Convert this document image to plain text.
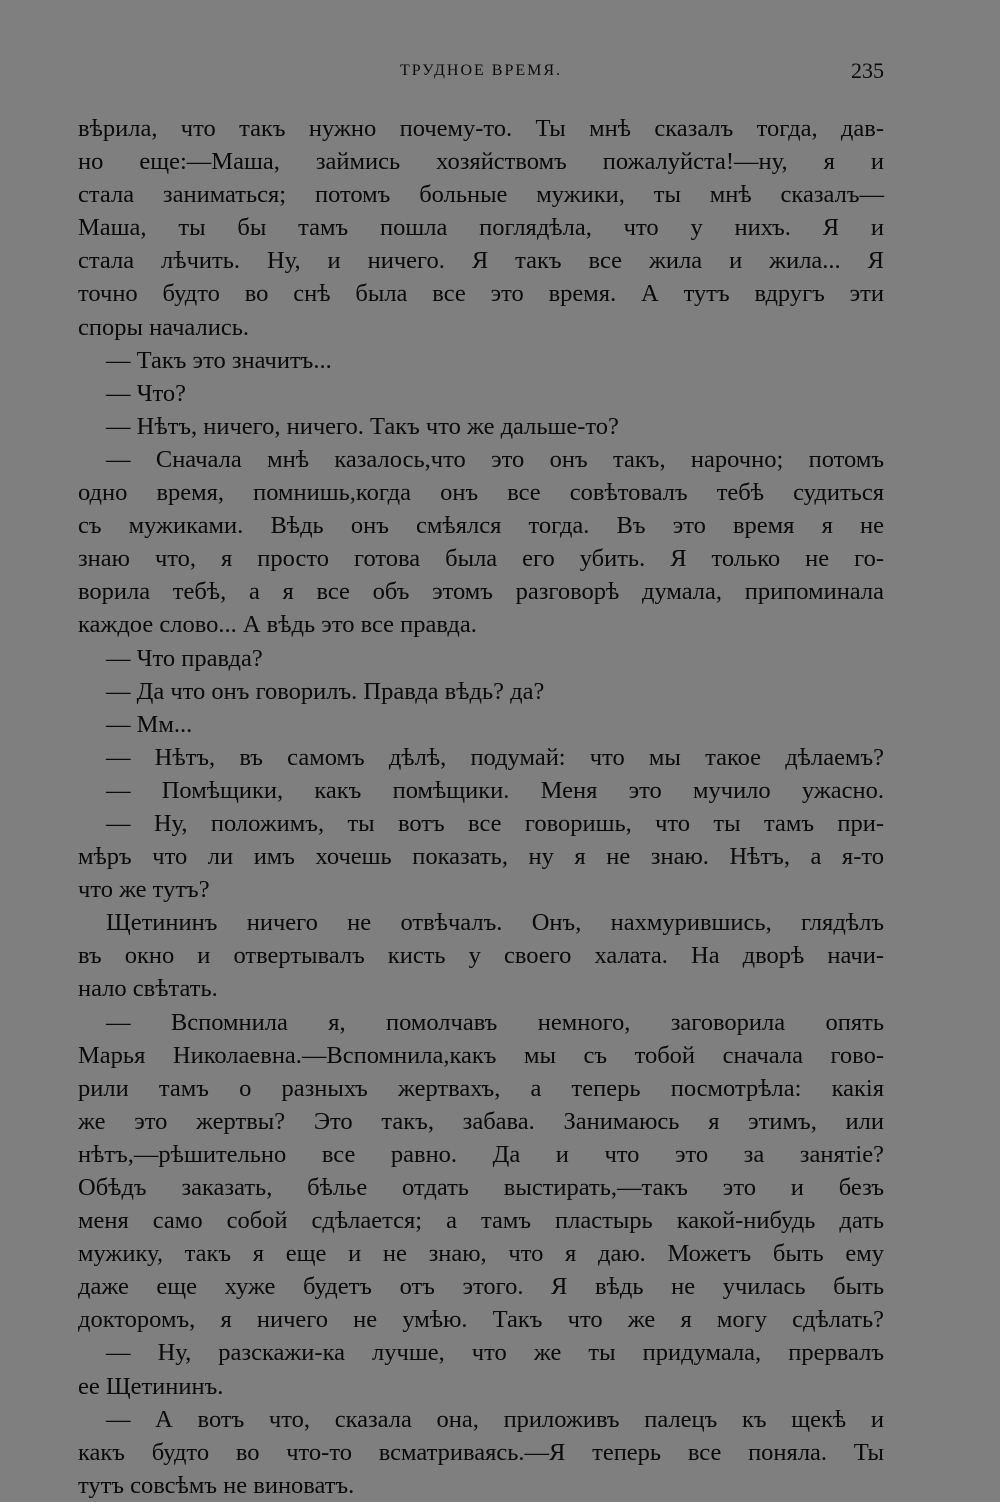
ТРУДНОЕ ВРЕМЯ.	235
вѣрила, что такъ нужно почему-то. Ты мнѣ сказалъ тогда, дав-
но еще:—Маша, займись хозяйствомъ пожалуйста!—ну, я и
стала заниматься; потомъ больные мужики, ты мнѣ сказалъ—
Маша, ты бы тамъ пошла поглядѣла, что у нихъ. Я и
стала лѣчить. Ну, и ничего. Я такъ все жила и жила... Я
точно будто во снѣ была все это время. А тутъ вдругъ эти
споры начались.
— Такъ это значитъ...
— Что?
— Нѣтъ, ничего, ничего. Такъ что же дальше-то?
— Сначала мнѣ казалось,что это онъ такъ, нарочно; потомъ
одно время, помнишь,когда онъ все совѣтовалъ тебѣ судиться
съ мужиками. Вѣдь онъ смѣялся тогда. Въ это время я не
знаю что, я просто готова была его убить. Я только не го-
ворила тебѣ, а я все объ этомъ разговорѣ думала, припоминала
каждое слово... А вѣдь это все правда.
— Что правда?
— Да что онъ говорилъ. Правда вѣдь? да?
— Мм...
— Нѣтъ, въ самомъ дѣлѣ, подумай: что мы такое дѣлаемъ?
— Помѣщики, какъ помѣщики. Меня это мучило ужасно.
— Ну, положимъ, ты вотъ все говоришь, что ты тамъ при-
мѣръ что ли имъ хочешь показать, ну я не знаю. Нѣтъ, а я-то
что же тутъ?
Щетининъ ничего не отвѣчалъ. Онъ, нахмурившись, глядѣлъ
въ окно и отвертывалъ кисть у своего халата. На дворѣ начи-
нало свѣтать.
— Вспомнила я, помолчавъ немного, заговорила опять
Марья Николаевна.—Вспомнила,какъ мы съ тобой сначала гово-
рили тамъ о разныхъ жертвахъ, а теперь посмотрѣла: какія
же это жертвы? Это такъ, забава. Занимаюсь я этимъ, или
нѣтъ,—рѣшительно все равно. Да и что это за занятіе?
Обѣдъ заказать, бѣлье отдать выстирать,—такъ это и безъ
меня само собой сдѣлается; а тамъ пластырь какой-нибудь дать
мужику, такъ я еще и не знаю, что я даю. Можетъ быть ему
даже еще хуже будетъ отъ этого. Я вѣдь не училась быть
докторомъ, я ничего не умѣю. Такъ что же я могу сдѣлать?
— Ну, разскажи-ка лучше, что же ты придумала, прервалъ
ее Щетининъ.
— А вотъ что, сказала она, приложивъ палецъ къ щекѣ и
какъ будто во что-то всматриваясь.—Я теперь все поняла. Ты
тутъ совсѣмъ не виноватъ.
